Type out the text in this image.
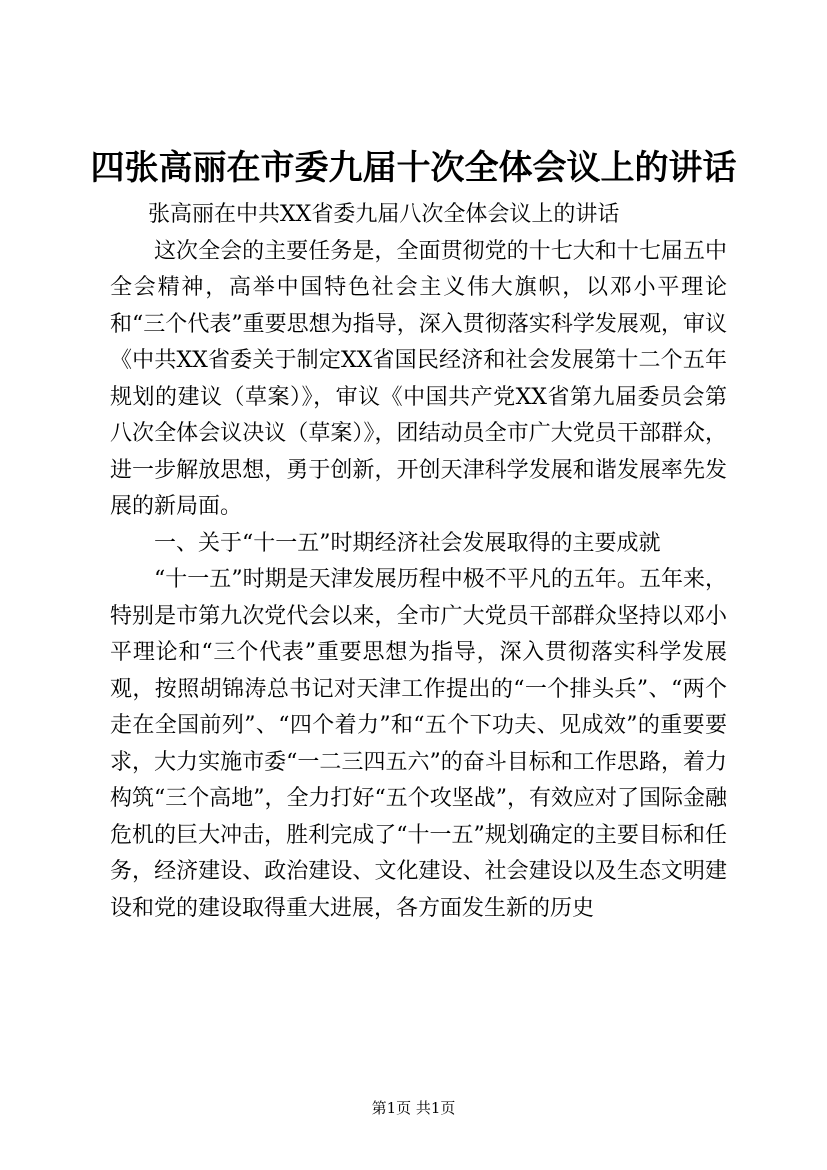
四张高丽在市委九届十次全体会议上的讲话

张高丽在中共XX省委九届八次全体会议上的讲话

这次全会的主要任务是，全面贯彻党的十七大和十七届五中全会精神，高举中国特色社会主义伟大旗帜，以邓小平理论和“三个代表”重要思想为指导，深入贯彻落实科学发展观，审议《中共XX省委关于制定XX省国民经济和社会发展第十二个五年规划的建议（草案）》，审议《中国共产党XX省第九届委员会第八次全体会议决议（草案）》，团结动员全市广大党员干部群众，进一步解放思想，勇于创新，开创天津科学发展和谐发展率先发展的新局面。

一、关于“十一五”时期经济社会发展取得的主要成就

“十一五”时期是天津发展历程中极不平凡的五年。五年来，特别是市第九次党代会以来，全市广大党员干部群众坚持以邓小平理论和“三个代表”重要思想为指导，深入贯彻落实科学发展观，按照胡锦涛总书记对天津工作提出的“一个排头兵”、“两个走在全国前列”、“四个着力”和“五个下功夫、见成效”的重要要求，大力实施市委“一二三四五六”的奋斗目标和工作思路，着力构筑“三个高地”，全力打好“五个攻坚战”，有效应对了国际金融危机的巨大冲击，胜利完成了“十一五”规划确定的主要目标和任务，经济建设、政治建设、文化建设、社会建设以及生态文明建设和党的建设取得重大进展，各方面发生新的历史

第1页 共1页
